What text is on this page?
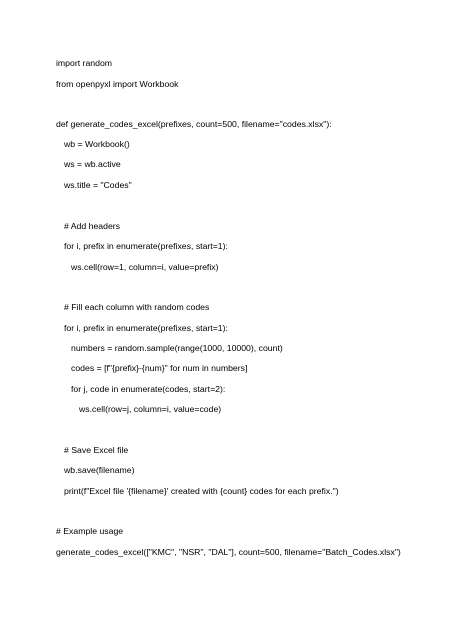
import random
from openpyxl import Workbook
def generate_codes_excel(prefixes, count=500, filename="codes.xlsx"):
wb = Workbook()
ws = wb.active
ws.title = "Codes"
# Add headers
for i, prefix in enumerate(prefixes, start=1):
ws.cell(row=1, column=i, value=prefix)
# Fill each column with random codes
for i, prefix in enumerate(prefixes, start=1):
numbers = random.sample(range(1000, 10000), count)
codes = [f"{prefix}-{num}" for num in numbers]
for j, code in enumerate(codes, start=2):
ws.cell(row=j, column=i, value=code)
# Save Excel file
wb.save(filename)
print(f"Excel file '{filename}' created with {count} codes for each prefix.")
# Example usage
generate_codes_excel(["KMC", "NSR", "DAL"], count=500, filename="Batch_Codes.xlsx")
